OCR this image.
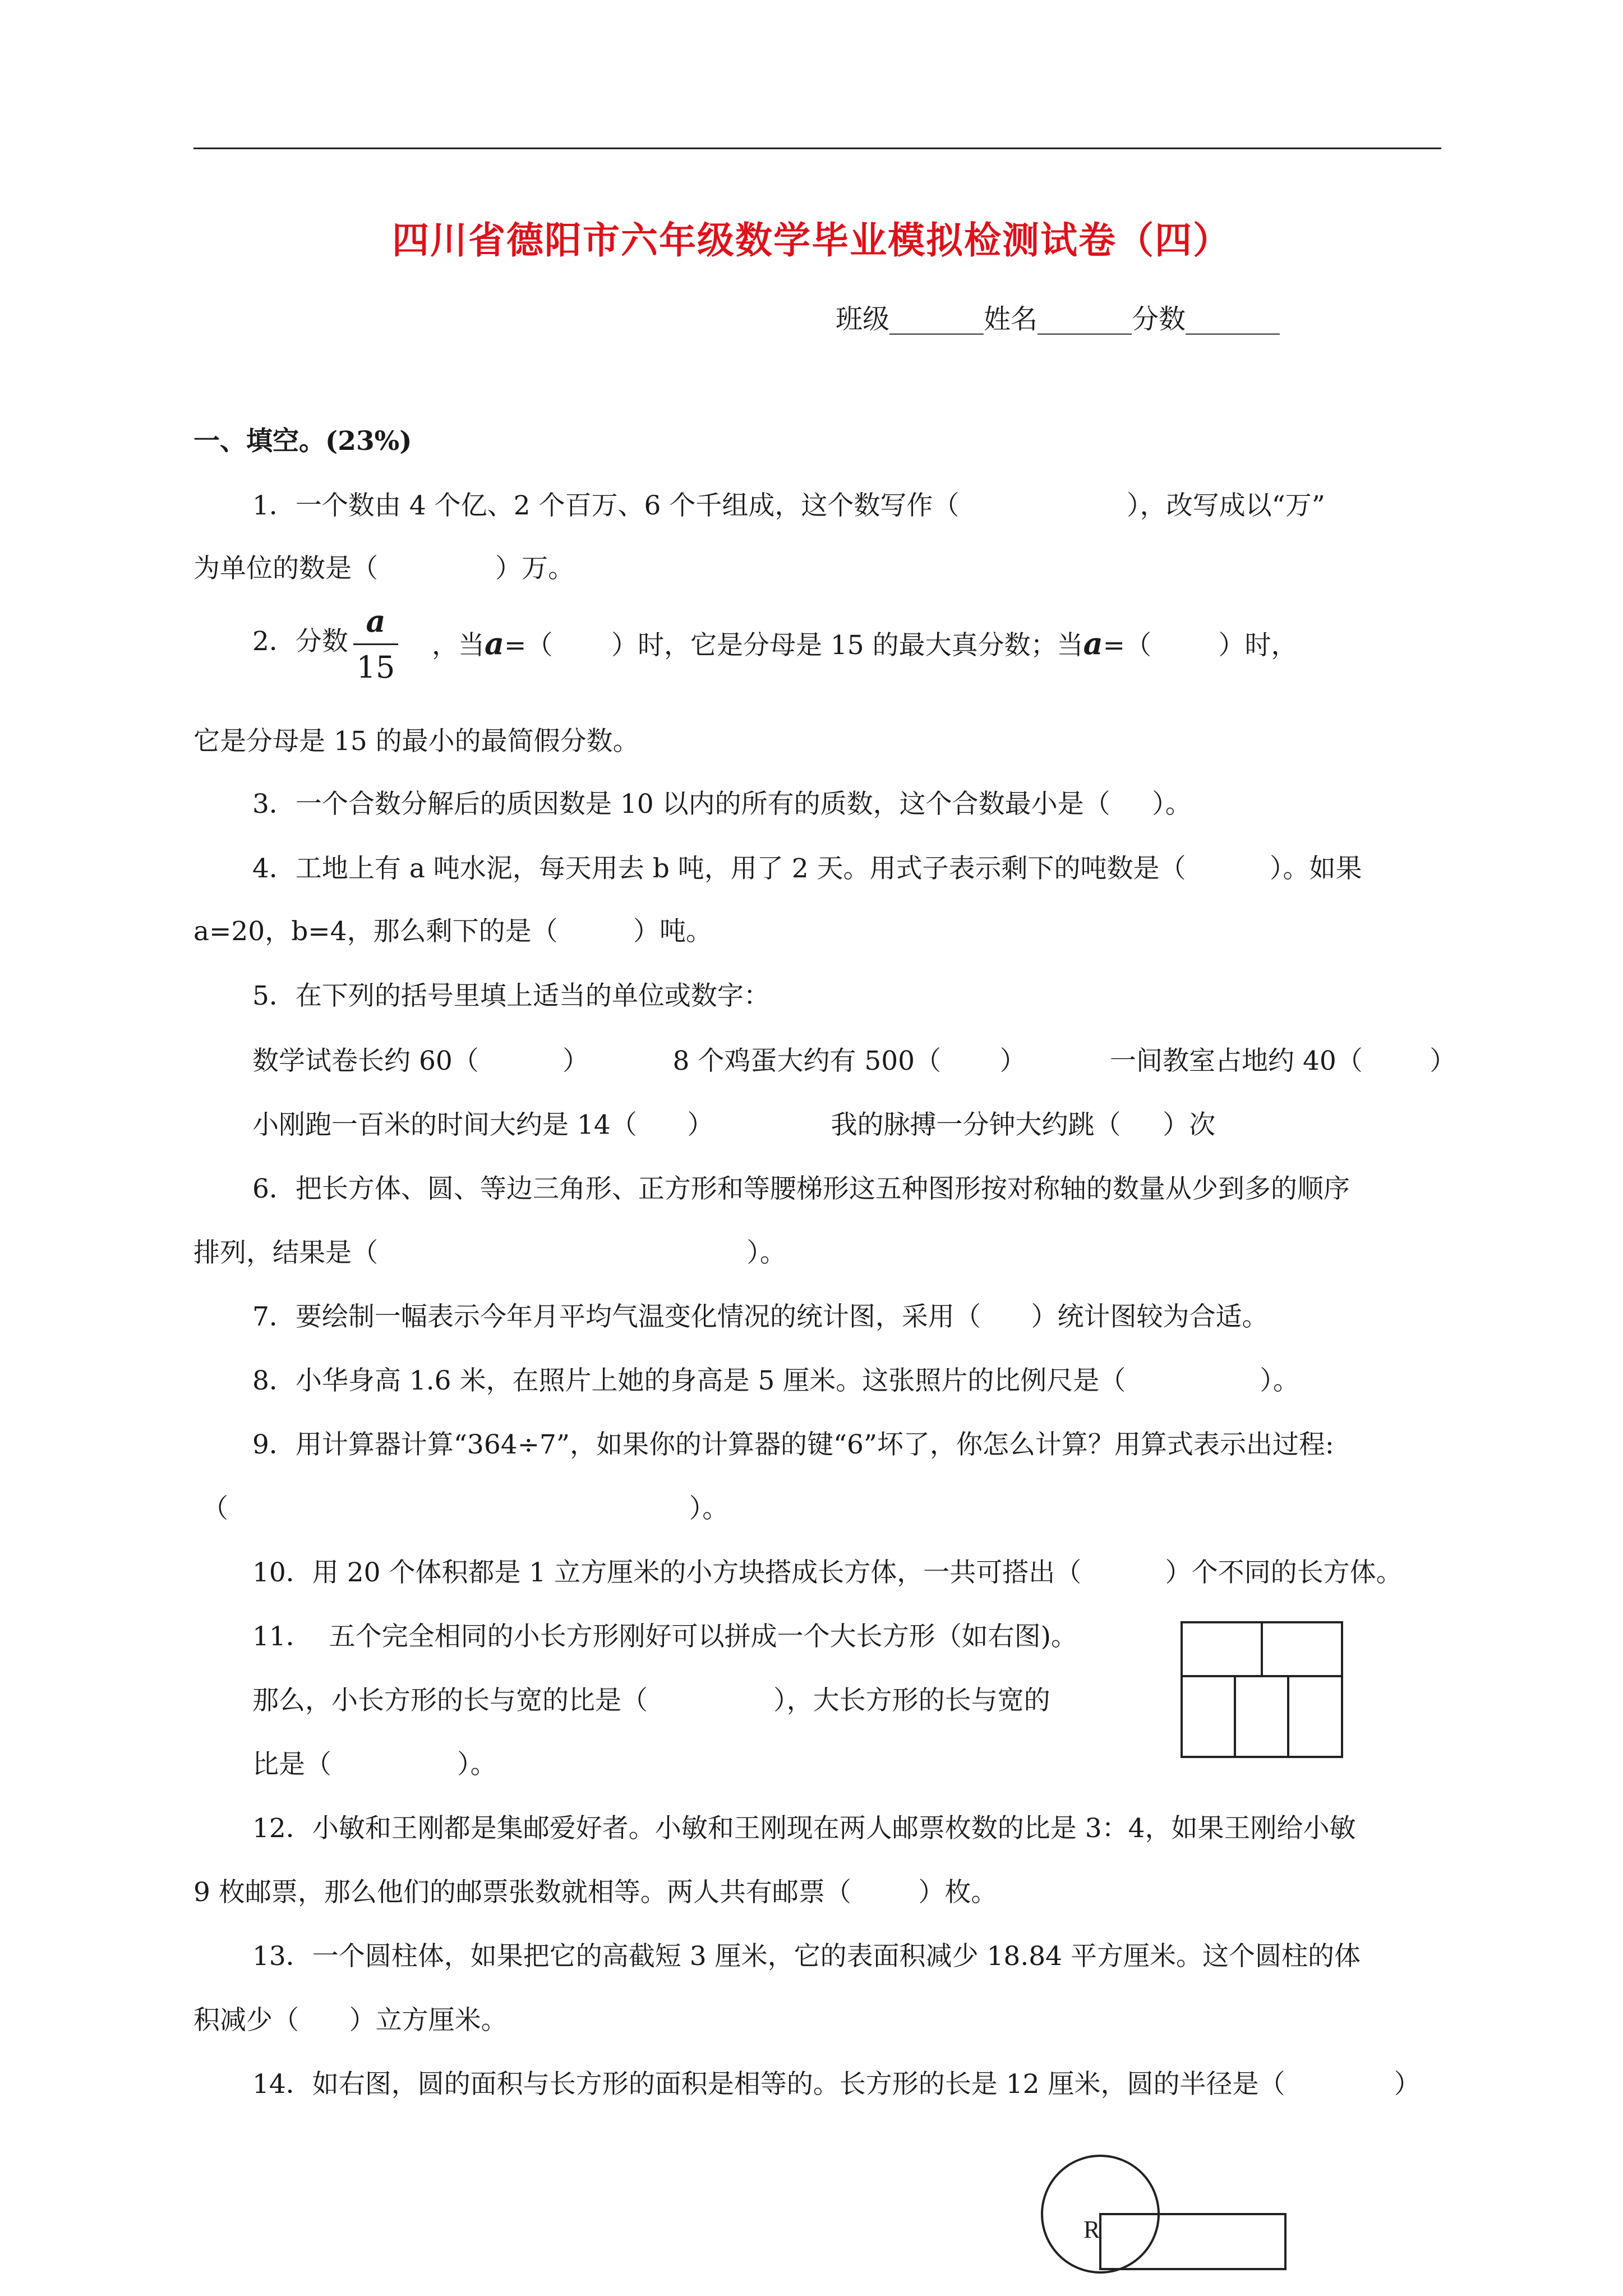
四川省德阳市六年级数学毕业模拟检测试卷（四）
班级_______姓名_______分数_______
一、填空。(23%)
1．一个数由 4 个亿、2 个百万、6 个千组成，这个数写作（                    ），改写成以“万”
为单位的数是（              ）万。
2．分数
a
15
，当a=（       ）时，它是分母是 15 的最大真分数；当a=（        ）时，
它是分母是 15 的最小的最简假分数。
3．一个合数分解后的质因数是 10 以内的所有的质数，这个合数最小是（     ）。
4．工地上有 a 吨水泥，每天用去 b 吨，用了 2 天。用式子表示剩下的吨数是（          ）。如果
a=20，b=4，那么剩下的是（         ）吨。
5．在下列的括号里填上适当的单位或数字：
数学试卷长约 60（          ）          8 个鸡蛋大约有 500（       ）          一间教室占地约 40（        ）
小刚跑一百米的时间大约是 14（      ）              我的脉搏一分钟大约跳（     ）次
6．把长方体、圆、等边三角形、正方形和等腰梯形这五种图形按对称轴的数量从少到多的顺序
排列，结果是（                                            ）。
7．要绘制一幅表示今年月平均气温变化情况的统计图，采用（      ）统计图较为合适。
8．小华身高 1.6 米，在照片上她的身高是 5 厘米。这张照片的比例尺是（                ）。
9．用计算器计算“364÷7”，如果你的计算器的键“6”坏了，你怎么计算？用算式表示出过程:
（                                                       ）。
10．用 20 个体积都是 1 立方厘米的小方块搭成长方体，一共可搭出（          ）个不同的长方体。
11．  五个完全相同的小长方形刚好可以拼成一个大长方形（如右图)。
那么，小长方形的长与宽的比是（               ），大长方形的长与宽的
比是（               ）。
12．小敏和王刚都是集邮爱好者。小敏和王刚现在两人邮票枚数的比是 3：4，如果王刚给小敏
9 枚邮票，那么他们的邮票张数就相等。两人共有邮票（        ）枚。
13．一个圆柱体，如果把它的高截短 3 厘米，它的表面积减少 18.84 平方厘米。这个圆柱的体
积减少（      ）立方厘米。
14．如右图，圆的面积与长方形的面积是相等的。长方形的长是 12 厘米，圆的半径是（             ）
R
